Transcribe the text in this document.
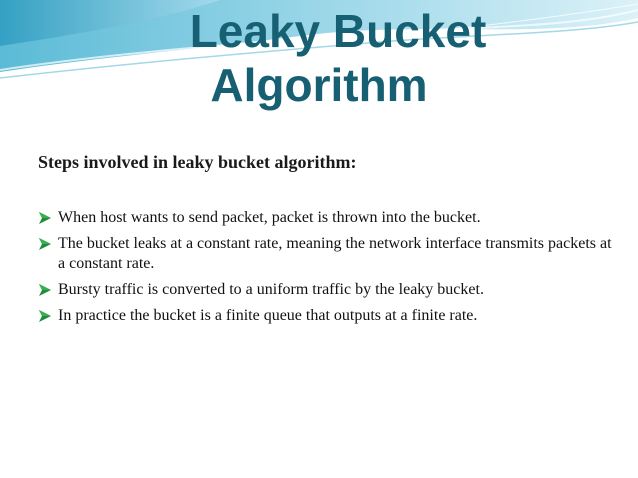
Leaky Bucket
Algorithm

Steps involved in leaky bucket algorithm:

When host wants to send packet, packet is thrown into the bucket.
The bucket leaks at a constant rate, meaning the network interface transmits packets at a constant rate.
Bursty traffic is converted to a uniform traffic by the leaky bucket.
In practice the bucket is a finite queue that outputs at a finite rate.
